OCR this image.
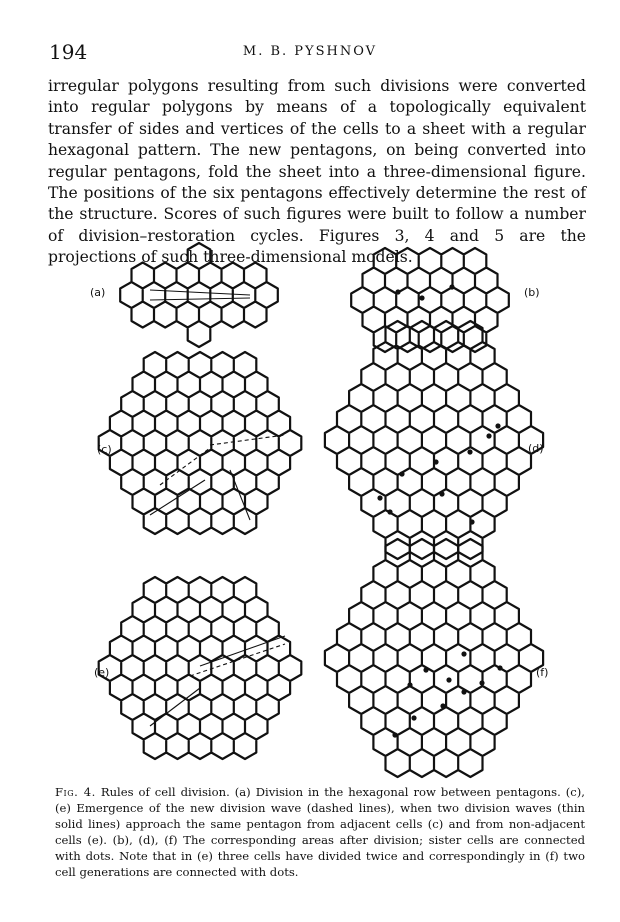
194	M. B. PYSHNOV

irregular polygons resulting from such divisions were converted into regular polygons by means of a topologically equivalent transfer of sides and vertices of the cells to a sheet with a regular hexagonal pattern. The new pentagons, on being converted into regular pentagons, fold the sheet into a three-dimensional figure. The positions of the six pentagons effectively determine the rest of the structure. Scores of such figures were built to follow a number of division–restoration cycles. Figures 3, 4 and 5 are the projections of such three-dimensional models.

(a)	(b)
(c)	(d)
(e)	(f)

Fig. 4. Rules of cell division. (a) Division in the hexagonal row between pentagons. (c), (e) Emergence of the new division wave (dashed lines), when two division waves (thin solid lines) approach the same pentagon from adjacent cells (c) and from non-adjacent cells (e). (b), (d), (f) The corresponding areas after division; sister cells are connected with dots. Note that in (e) three cells have divided twice and correspondingly in (f) two cell generations are connected with dots.
